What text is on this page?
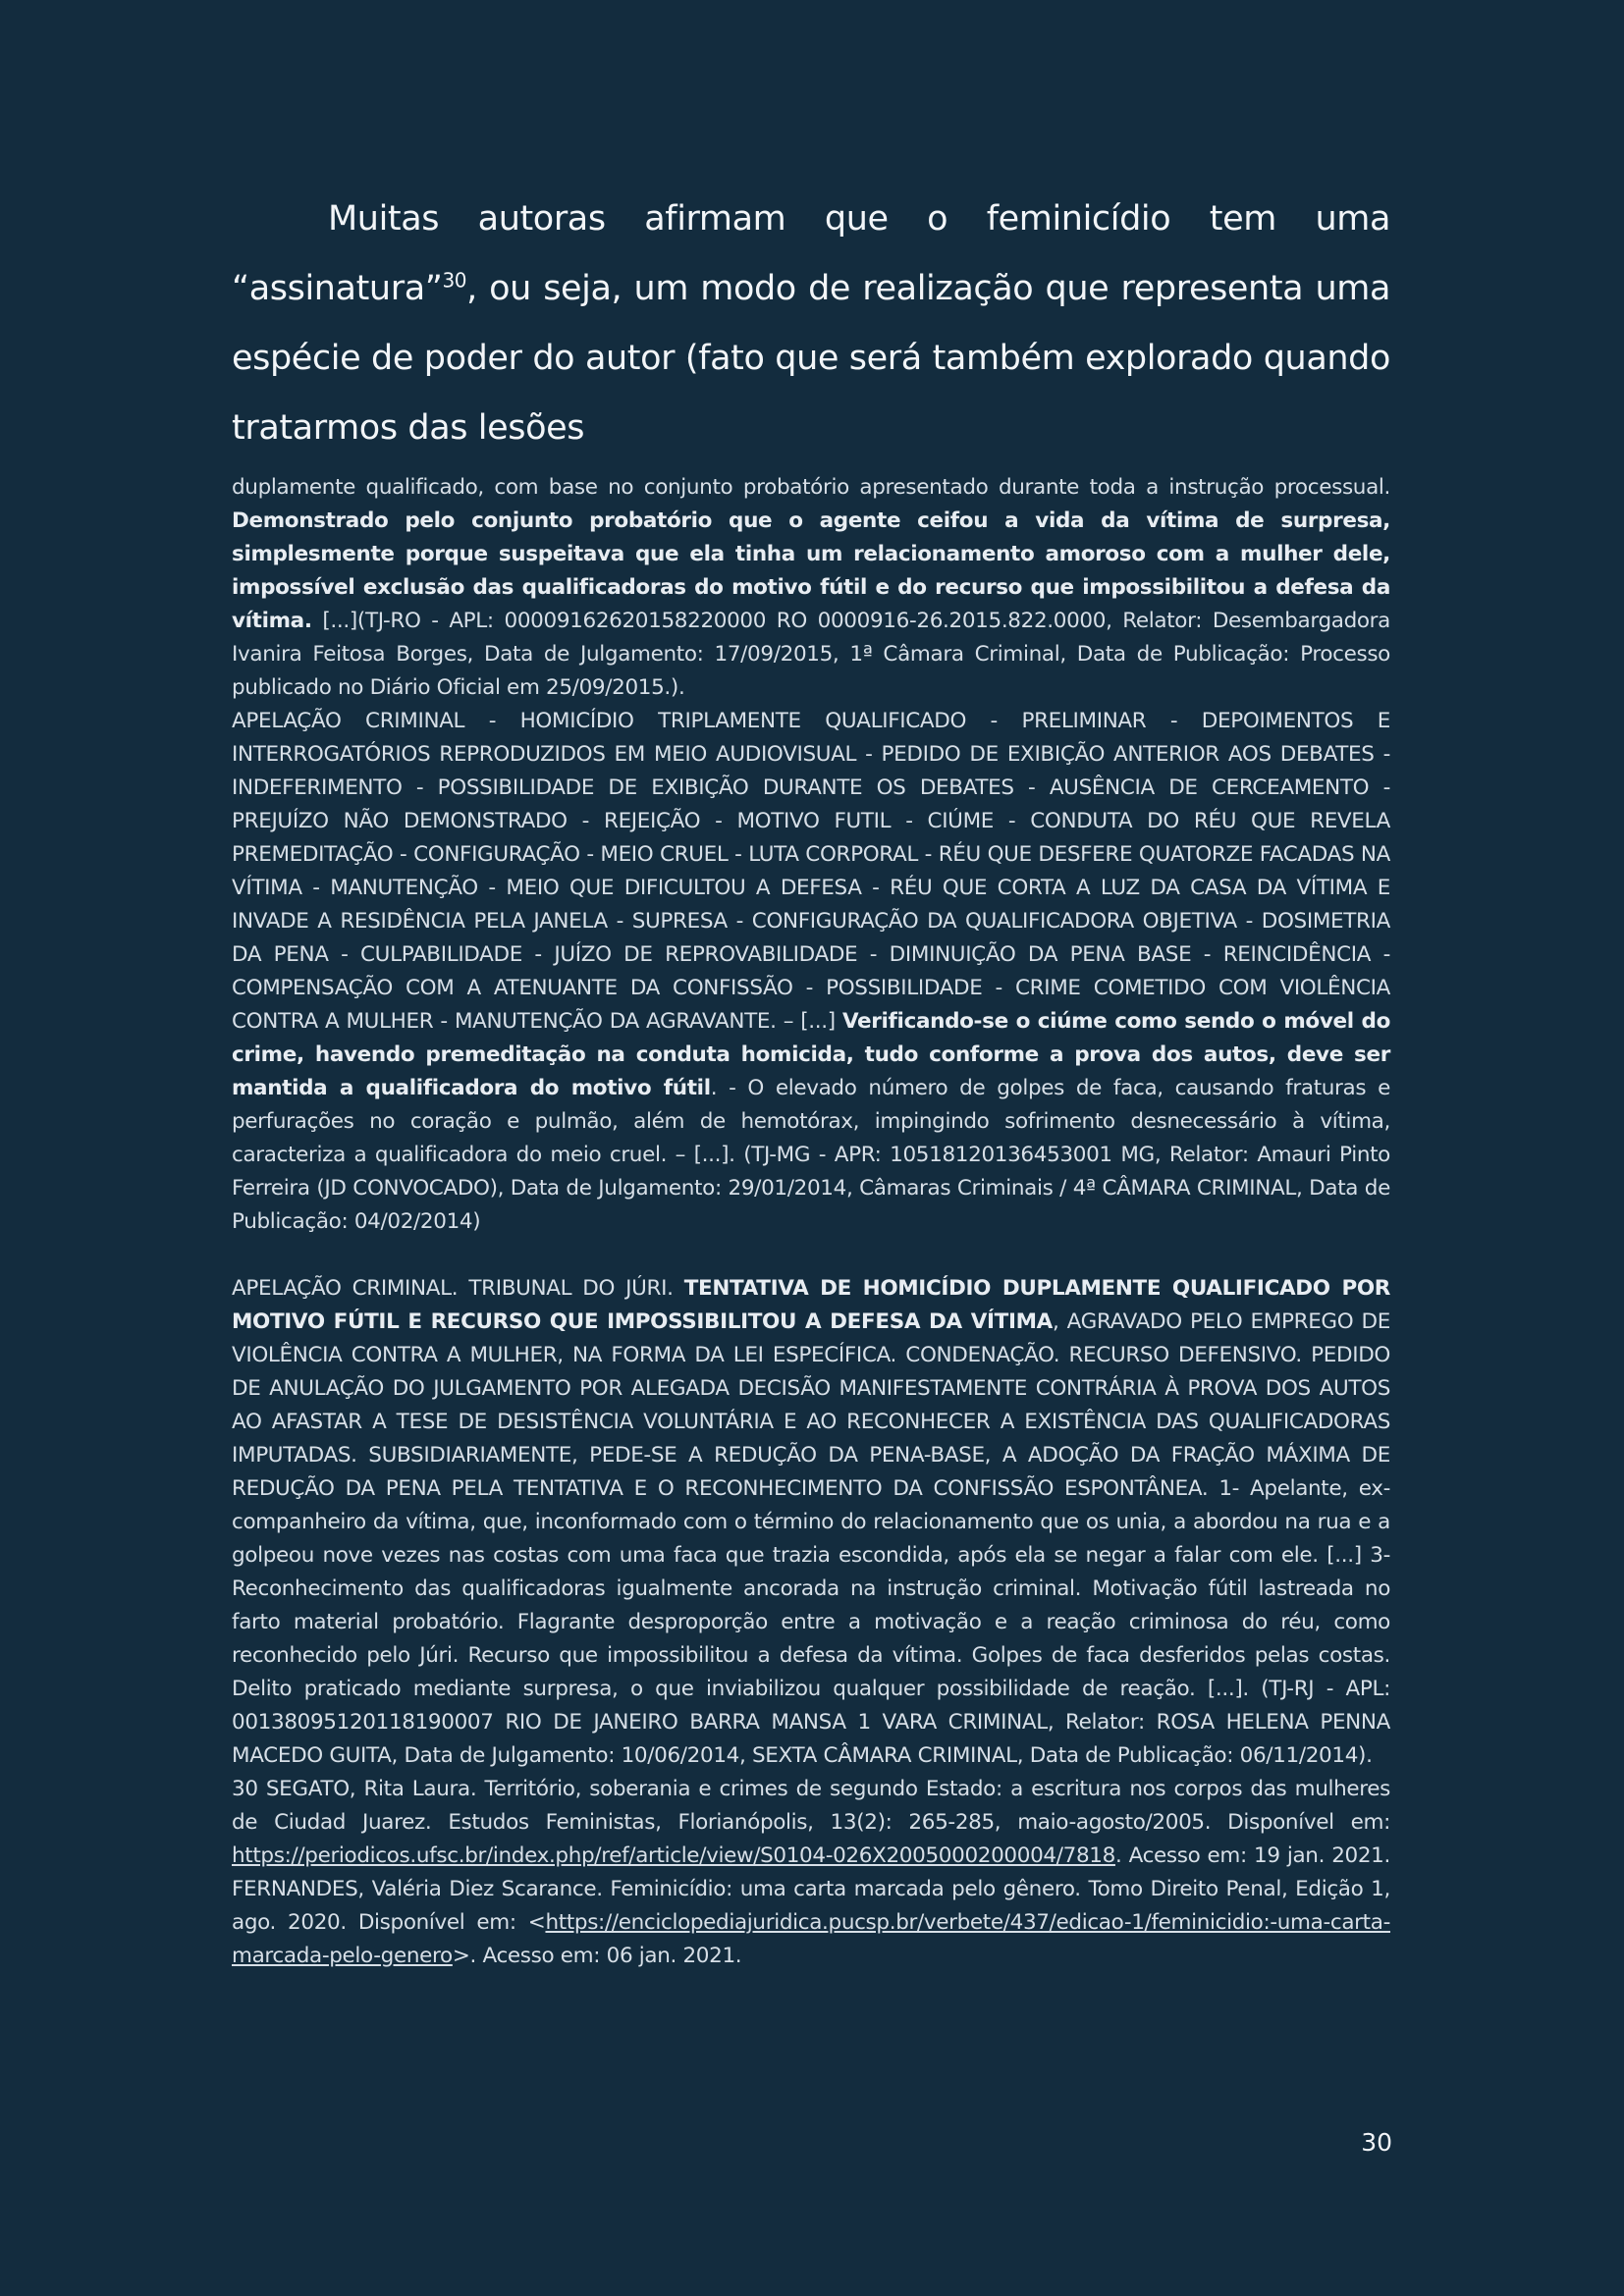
Muitas autoras afirmam que o feminicídio tem uma “assinatura”$^{30}$, ou seja, um modo de realização que representa uma espécie de poder do autor (fato que será também explorado quando tratarmos das lesões

duplamente qualificado, com base no conjunto probatório apresentado durante toda a instrução processual. Demonstrado pelo conjunto probatório que o agente ceifou a vida da vítima de surpresa, simplesmente porque suspeitava que ela tinha um relacionamento amoroso com a mulher dele, impossível exclusão das qualificadoras do motivo fútil e do recurso que impossibilitou a defesa da vítima. [...](TJ-RO - APL: 00009162620158220000 RO 0000916-26.2015.822.0000, Relator: Desembargadora Ivanira Feitosa Borges, Data de Julgamento: 17/09/2015, 1ª Câmara Criminal, Data de Publicação: Processo publicado no Diário Oficial em 25/09/2015.).

APELAÇÃO CRIMINAL - HOMICÍDIO TRIPLAMENTE QUALIFICADO - PRELIMINAR - DEPOIMENTOS E INTERROGATÓRIOS REPRODUZIDOS EM MEIO AUDIOVISUAL - PEDIDO DE EXIBIÇÃO ANTERIOR AOS DEBATES - INDEFERIMENTO - POSSIBILIDADE DE EXIBIÇÃO DURANTE OS DEBATES - AUSÊNCIA DE CERCEAMENTO - PREJUÍZO NÃO DEMONSTRADO - REJEIÇÃO - MOTIVO FUTIL - CIÚME - CONDUTA DO RÉU QUE REVELA PREMEDITAÇÃO - CONFIGURAÇÃO - MEIO CRUEL - LUTA CORPORAL - RÉU QUE DESFERE QUATORZE FACADAS NA VÍTIMA - MANUTENÇÃO - MEIO QUE DIFICULTOU A DEFESA - RÉU QUE CORTA A LUZ DA CASA DA VÍTIMA E INVADE A RESIDÊNCIA PELA JANELA - SUPRESA - CONFIGURAÇÃO DA QUALIFICADORA OBJETIVA - DOSIMETRIA DA PENA - CULPABILIDADE - JUÍZO DE REPROVABILIDADE - DIMINUIÇÃO DA PENA BASE - REINCIDÊNCIA - COMPENSAÇÃO COM A ATENUANTE DA CONFISSÃO - POSSIBILIDADE - CRIME COMETIDO COM VIOLÊNCIA CONTRA A MULHER - MANUTENÇÃO DA AGRAVANTE. – [...] Verificando-se o ciúme como sendo o móvel do crime, havendo premeditação na conduta homicida, tudo conforme a prova dos autos, deve ser mantida a qualificadora do motivo fútil. - O elevado número de golpes de faca, causando fraturas e perfurações no coração e pulmão, além de hemotórax, impingindo sofrimento desnecessário à vítima, caracteriza a qualificadora do meio cruel. – [...]. (TJ-MG - APR: 10518120136453001 MG, Relator: Amauri Pinto Ferreira (JD CONVOCADO), Data de Julgamento: 29/01/2014, Câmaras Criminais / 4ª CÂMARA CRIMINAL, Data de Publicação: 04/02/2014)

APELAÇÃO CRIMINAL. TRIBUNAL DO JÚRI. TENTATIVA DE HOMICÍDIO DUPLAMENTE QUALIFICADO POR MOTIVO FÚTIL E RECURSO QUE IMPOSSIBILITOU A DEFESA DA VÍTIMA, AGRAVADO PELO EMPREGO DE VIOLÊNCIA CONTRA A MULHER, NA FORMA DA LEI ESPECÍFICA. CONDENAÇÃO. RECURSO DEFENSIVO. PEDIDO DE ANULAÇÃO DO JULGAMENTO POR ALEGADA DECISÃO MANIFESTAMENTE CONTRÁRIA À PROVA DOS AUTOS AO AFASTAR A TESE DE DESISTÊNCIA VOLUNTÁRIA E AO RECONHECER A EXISTÊNCIA DAS QUALIFICADORAS IMPUTADAS. SUBSIDIARIAMENTE, PEDE-SE A REDUÇÃO DA PENA-BASE, A ADOÇÃO DA FRAÇÃO MÁXIMA DE REDUÇÃO DA PENA PELA TENTATIVA E O RECONHECIMENTO DA CONFISSÃO ESPONTÂNEA. 1- Apelante, ex-companheiro da vítima, que, inconformado com o término do relacionamento que os unia, a abordou na rua e a golpeou nove vezes nas costas com uma faca que trazia escondida, após ela se negar a falar com ele. [...] 3- Reconhecimento das qualificadoras igualmente ancorada na instrução criminal. Motivação fútil lastreada no farto material probatório. Flagrante desproporção entre a motivação e a reação criminosa do réu, como reconhecido pelo Júri. Recurso que impossibilitou a defesa da vítima. Golpes de faca desferidos pelas costas. Delito praticado mediante surpresa, o que inviabilizou qualquer possibilidade de reação. [...]. (TJ-RJ - APL: 00138095120118190007 RIO DE JANEIRO BARRA MANSA 1 VARA CRIMINAL, Relator: ROSA HELENA PENNA MACEDO GUITA, Data de Julgamento: 10/06/2014, SEXTA CÂMARA CRIMINAL, Data de Publicação: 06/11/2014).

30 SEGATO, Rita Laura. Território, soberania e crimes de segundo Estado: a escritura nos corpos das mulheres de Ciudad Juarez. Estudos Feministas, Florianópolis, 13(2): 265-285, maio-agosto/2005. Disponível em: https://periodicos.ufsc.br/index.php/ref/article/view/S0104-026X2005000200004/7818. Acesso em: 19 jan. 2021. FERNANDES, Valéria Diez Scarance. Feminicídio: uma carta marcada pelo gênero. Tomo Direito Penal, Edição 1, ago. 2020. Disponível em: <https://enciclopediajuridica.pucsp.br/verbete/437/edicao-1/feminicidio:-uma-carta-marcada-pelo-genero>. Acesso em: 06 jan. 2021.

30
